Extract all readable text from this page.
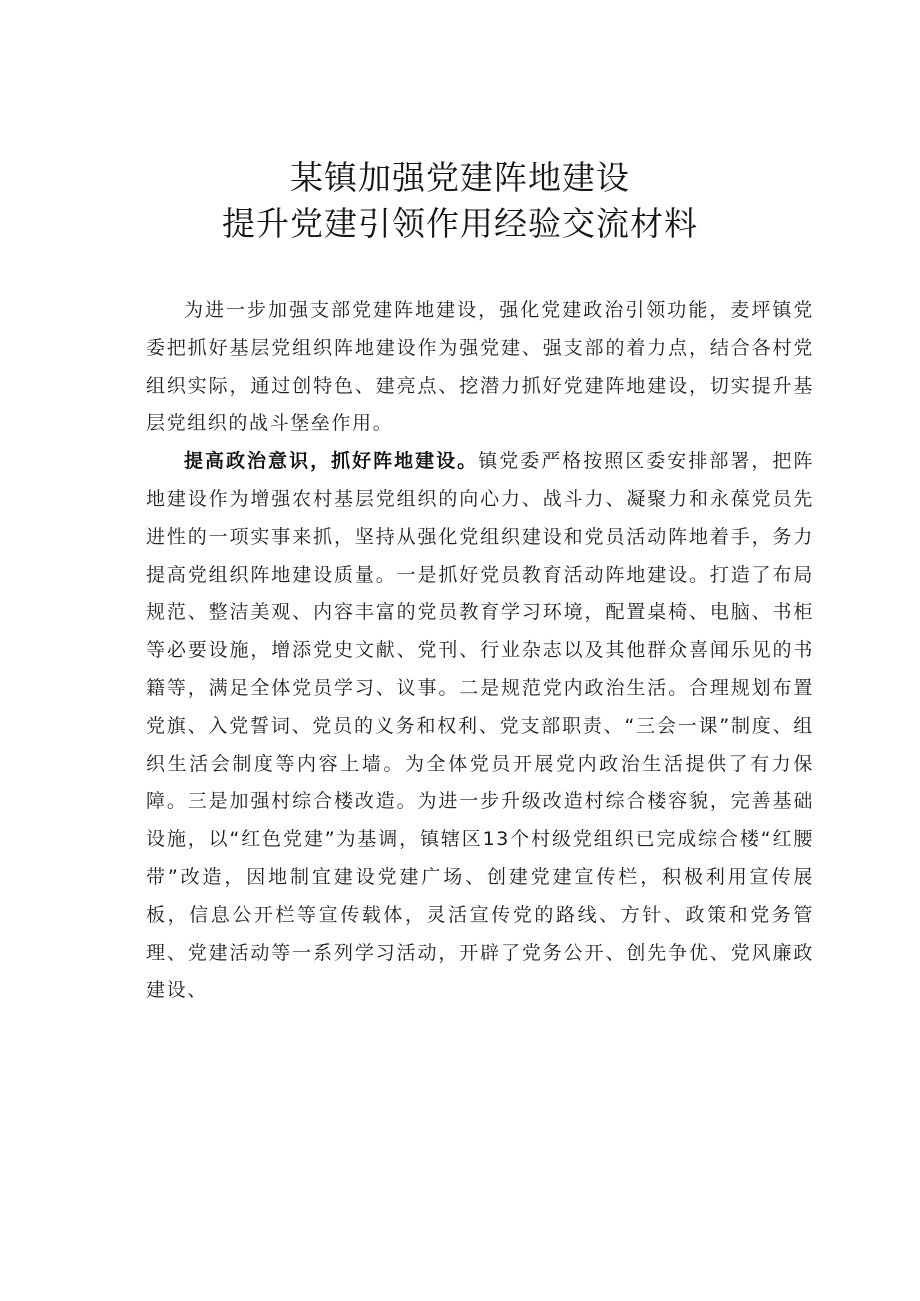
某镇加强党建阵地建设
提升党建引领作用经验交流材料

为进一步加强支部党建阵地建设，强化党建政治引领功能，麦坪镇党委把抓好基层党组织阵地建设作为强党建、强支部的着力点，结合各村党组织实际，通过创特色、建亮点、挖潜力抓好党建阵地建设，切实提升基层党组织的战斗堡垒作用。

提高政治意识，抓好阵地建设。镇党委严格按照区委安排部署，把阵地建设作为增强农村基层党组织的向心力、战斗力、凝聚力和永葆党员先进性的一项实事来抓，坚持从强化党组织建设和党员活动阵地着手，务力提高党组织阵地建设质量。一是抓好党员教育活动阵地建设。打造了布局规范、整洁美观、内容丰富的党员教育学习环境，配置桌椅、电脑、书柜等必要设施，增添党史文献、党刊、行业杂志以及其他群众喜闻乐见的书籍等，满足全体党员学习、议事。二是规范党内政治生活。合理规划布置党旗、入党誓词、党员的义务和权利、党支部职责、“三会一课”制度、组织生活会制度等内容上墙。为全体党员开展党内政治生活提供了有力保障。三是加强村综合楼改造。为进一步升级改造村综合楼容貌，完善基础设施，以“红色党建”为基调，镇辖区13个村级党组织已完成综合楼“红腰带”改造，因地制宜建设党建广场、创建党建宣传栏，积极利用宣传展板，信息公开栏等宣传载体，灵活宣传党的路线、方针、政策和党务管理、党建活动等一系列学习活动，开辟了党务公开、创先争优、党风廉政建设、
